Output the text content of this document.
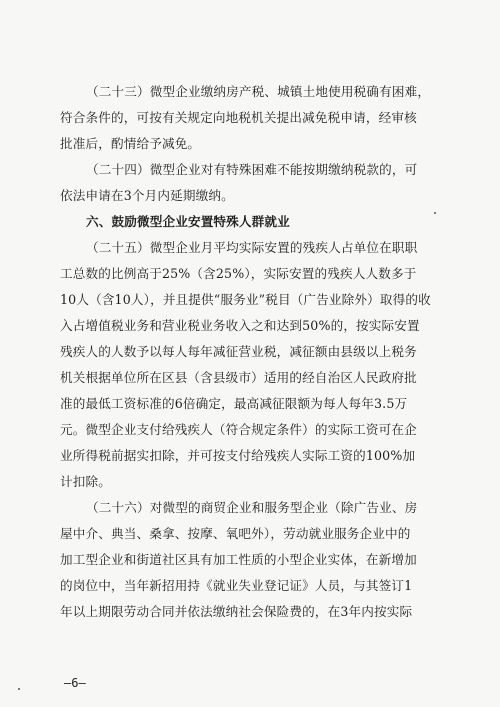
（二十三）微型企业缴纳房产税、城镇土地使用税确有困难，

符合条件的，可按有关规定向地税机关提出减免税申请，经审核

批准后，酌情给予减免。

（二十四）微型企业对有特殊困难不能按期缴纳税款的，可

依法申请在3个月内延期缴纳。

六、鼓励微型企业安置特殊人群就业

（二十五）微型企业月平均实际安置的残疾人占单位在职职

工总数的比例高于25%（含25%），实际安置的残疾人人数多于

10人（含10人），并且提供“服务业”税目（广告业除外）取得的收

入占增值税业务和营业税业务收入之和达到50%的，按实际安置

残疾人的人数予以每人每年减征营业税，减征额由县级以上税务

机关根据单位所在区县（含县级市）适用的经自治区人民政府批

准的最低工资标准的6倍确定，最高减征限额为每人每年3.5万

元。微型企业支付给残疾人（符合规定条件）的实际工资可在企

业所得税前据实扣除，并可按支付给残疾人实际工资的100%加

计扣除。

（二十六）对微型的商贸企业和服务型企业（除广告业、房

屋中介、典当、桑拿、按摩、氧吧外），劳动就业服务企业中的

加工型企业和街道社区具有加工性质的小型企业实体，在新增加

的岗位中，当年新招用持《就业失业登记证》人员，与其签订1

年以上期限劳动合同并依法缴纳社会保险费的，在3年内按实际

—6—
